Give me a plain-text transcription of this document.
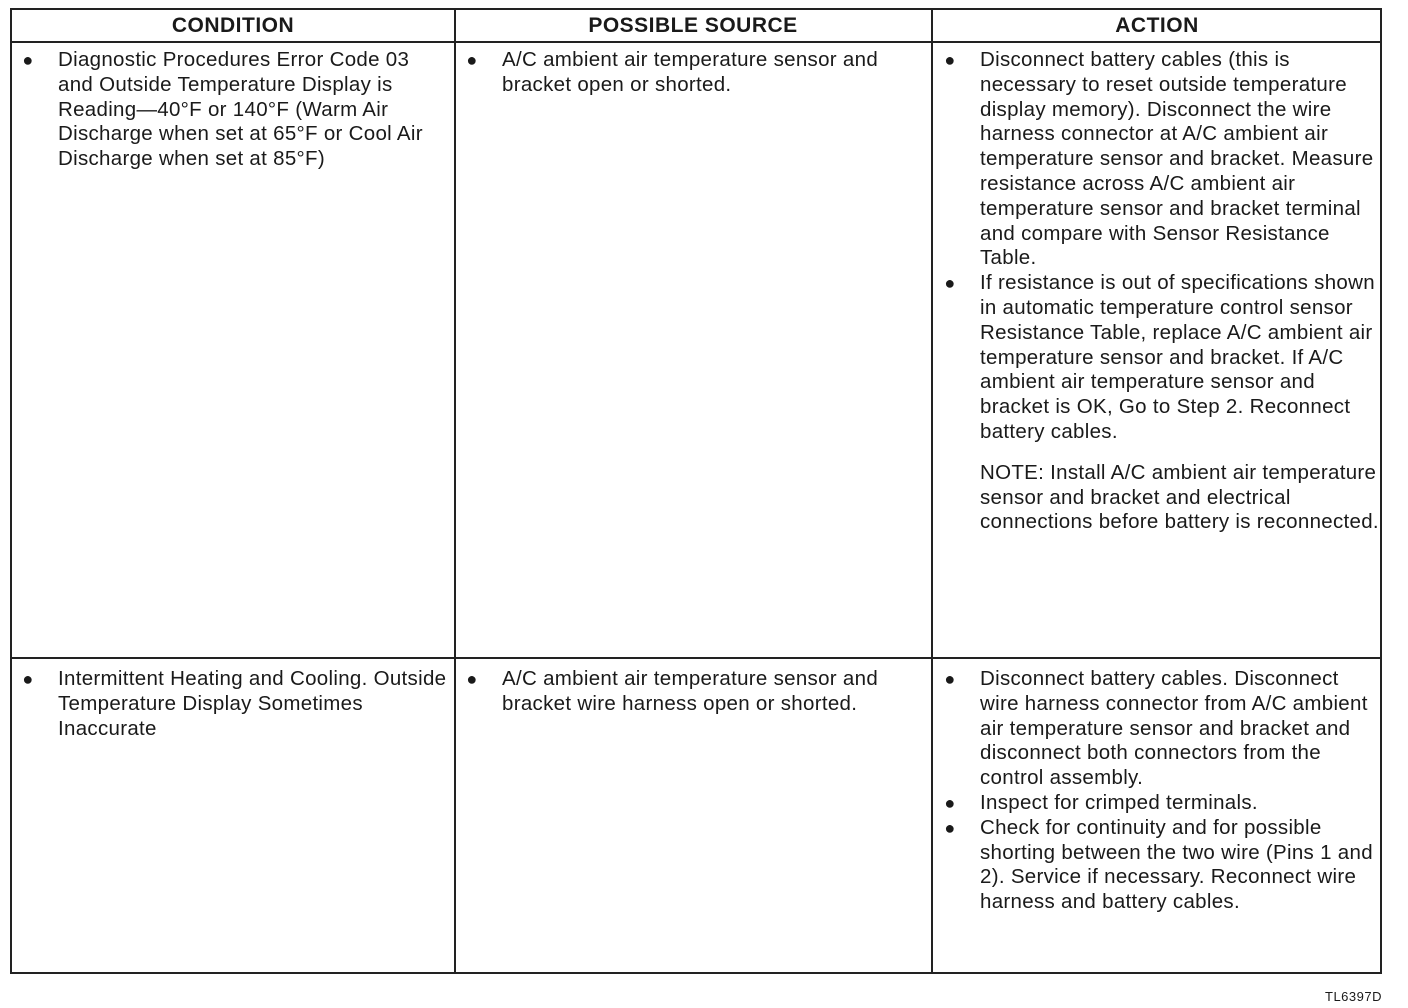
CONDITION	POSSIBLE SOURCE	ACTION

● Diagnostic Procedures Error Code 03 and Outside Temperature Display is Reading—40°F or 140°F (Warm Air Discharge when set at 65°F or Cool Air Discharge when set at 85°F)

● A/C ambient air temperature sensor and bracket open or shorted.

● Disconnect battery cables (this is necessary to reset outside temperature display memory). Disconnect the wire harness connector at A/C ambient air temperature sensor and bracket. Measure resistance across A/C ambient air temperature sensor and bracket terminal and compare with Sensor Resistance Table.

● If resistance is out of specifications shown in automatic temperature control sensor Resistance Table, replace A/C ambient air temperature sensor and bracket. If A/C ambient air temperature sensor and bracket is OK, Go to Step 2. Reconnect battery cables.

NOTE: Install A/C ambient air temperature sensor and bracket and electrical connections before battery is reconnected.

● Intermittent Heating and Cooling. Outside Temperature Display Sometimes Inaccurate

● A/C ambient air temperature sensor and bracket wire harness open or shorted.

● Disconnect battery cables. Disconnect wire harness connector from A/C ambient air temperature sensor and bracket and disconnect both connectors from the control assembly.

● Inspect for crimped terminals.

● Check for continuity and for possible shorting between the two wire (Pins 1 and 2). Service if necessary. Reconnect wire harness and battery cables.

TL6397D
